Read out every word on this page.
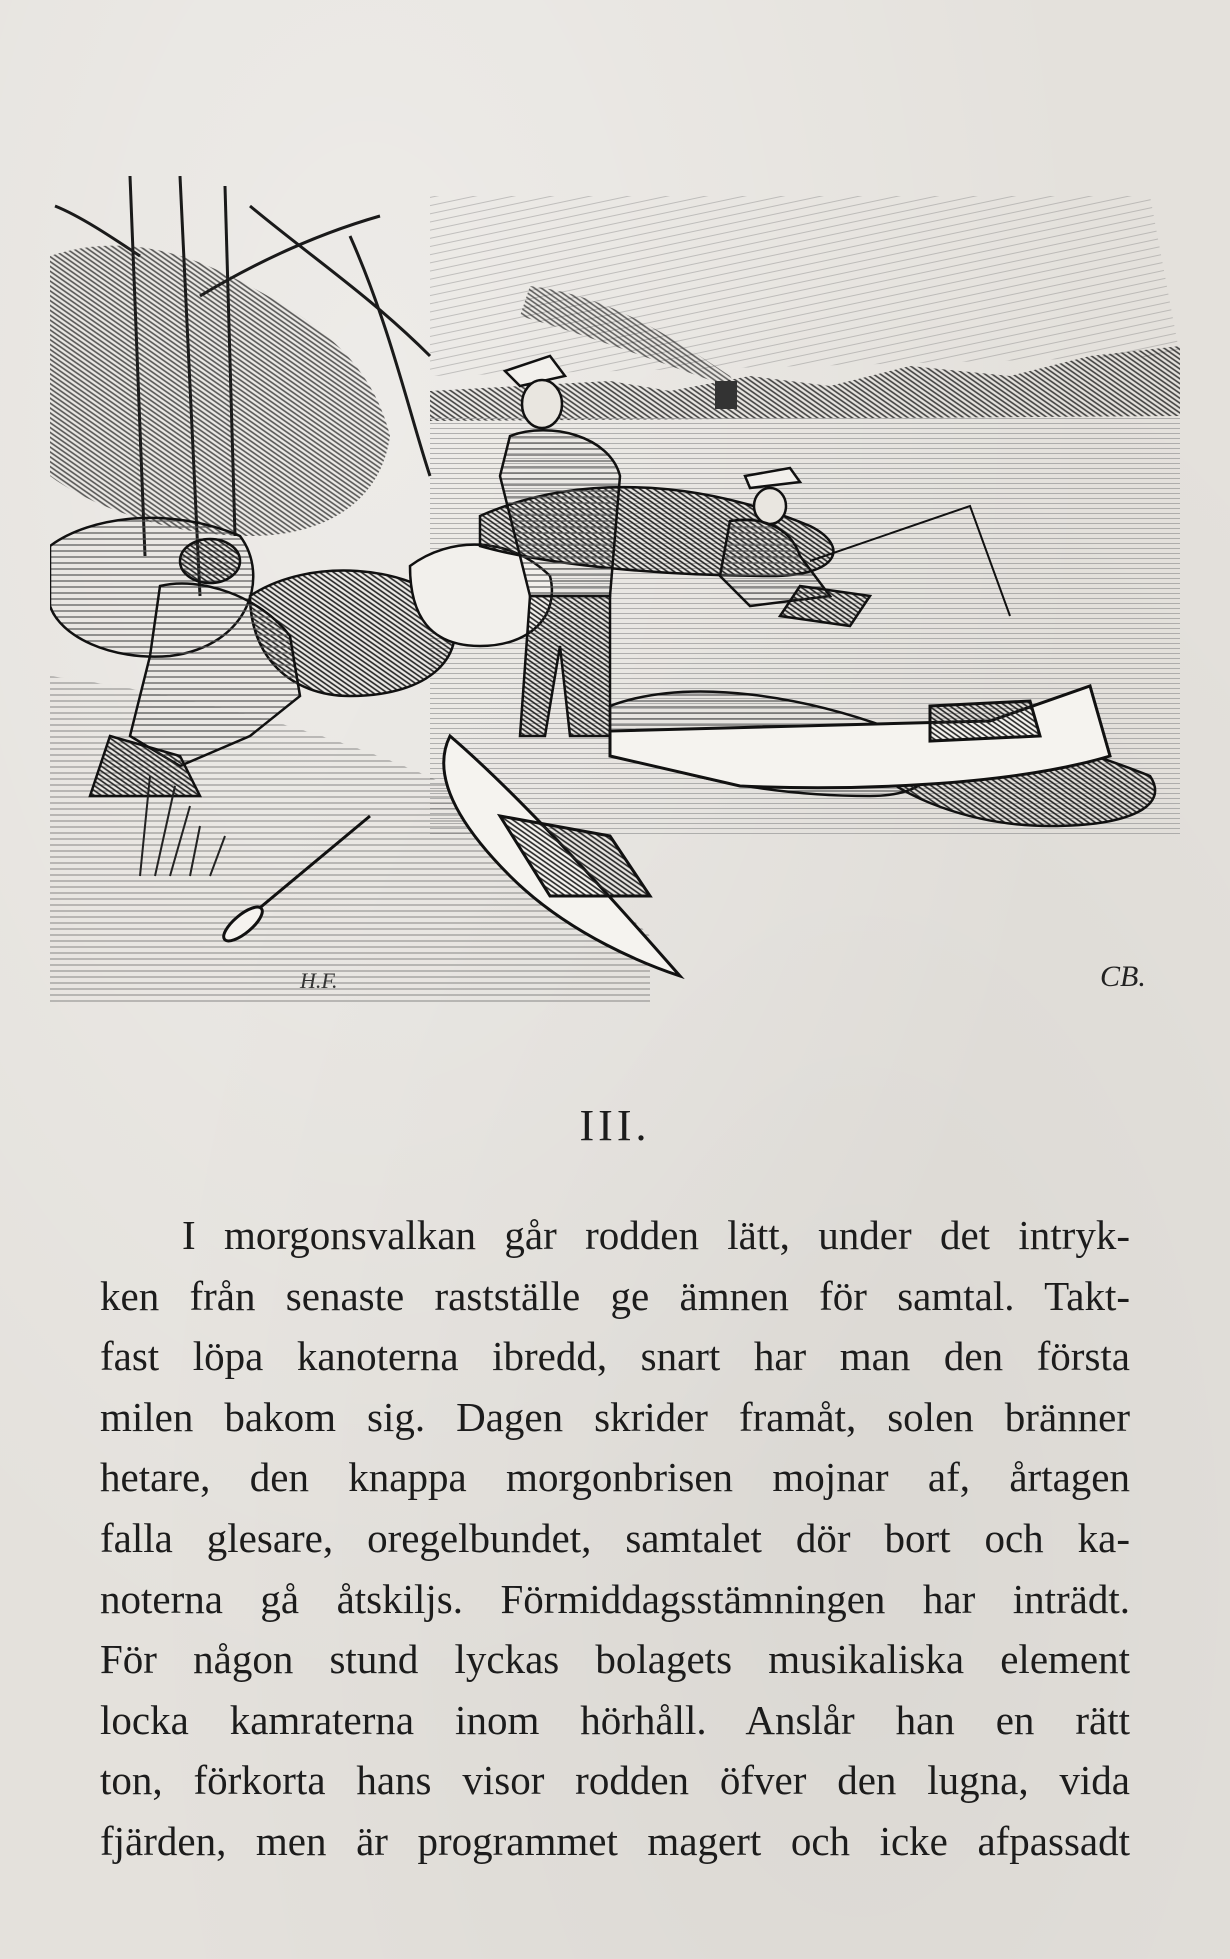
H.F.	CB.
III.
I morgonsvalkan går rodden lätt, under det intryk-
ken från senaste rastställe ge ämnen för samtal. Takt-
fast löpa kanoterna ibredd, snart har man den första
milen bakom sig. Dagen skrider framåt, solen bränner
hetare, den knappa morgonbrisen mojnar af, årtagen
falla glesare, oregelbundet, samtalet dör bort och ka-
noterna gå åtskiljs. Förmiddagsstämningen har inträdt.
För någon stund lyckas bolagets musikaliska element
locka kamraterna inom hörhåll. Anslår han en rätt
ton, förkorta hans visor rodden öfver den lugna, vida
fjärden, men är programmet magert och icke afpassadt
